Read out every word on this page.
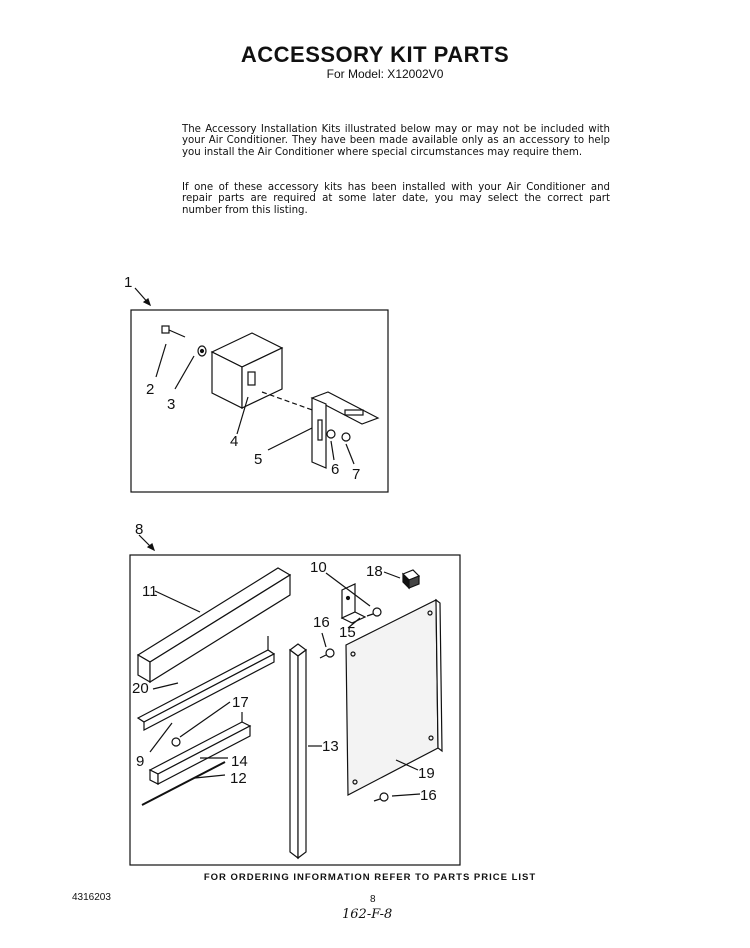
ACCESSORY KIT PARTS
For Model: X12002V0
The Accessory Installation Kits illustrated below may or may not be included with your Air Conditioner. They have been made available only as an accessory to help you install the Air Conditioner where special circumstances may require them.
If one of these accessory kits has been installed with your Air Conditioner and repair parts are required at some later date, you may select the correct part number from this listing.
1
2
3
4
5
6 7
8
9
10
11
12
13
14
15
16
16
17
18
19
20
FOR ORDERING INFORMATION REFER TO PARTS PRICE LIST
4316203	8
162-F-8
